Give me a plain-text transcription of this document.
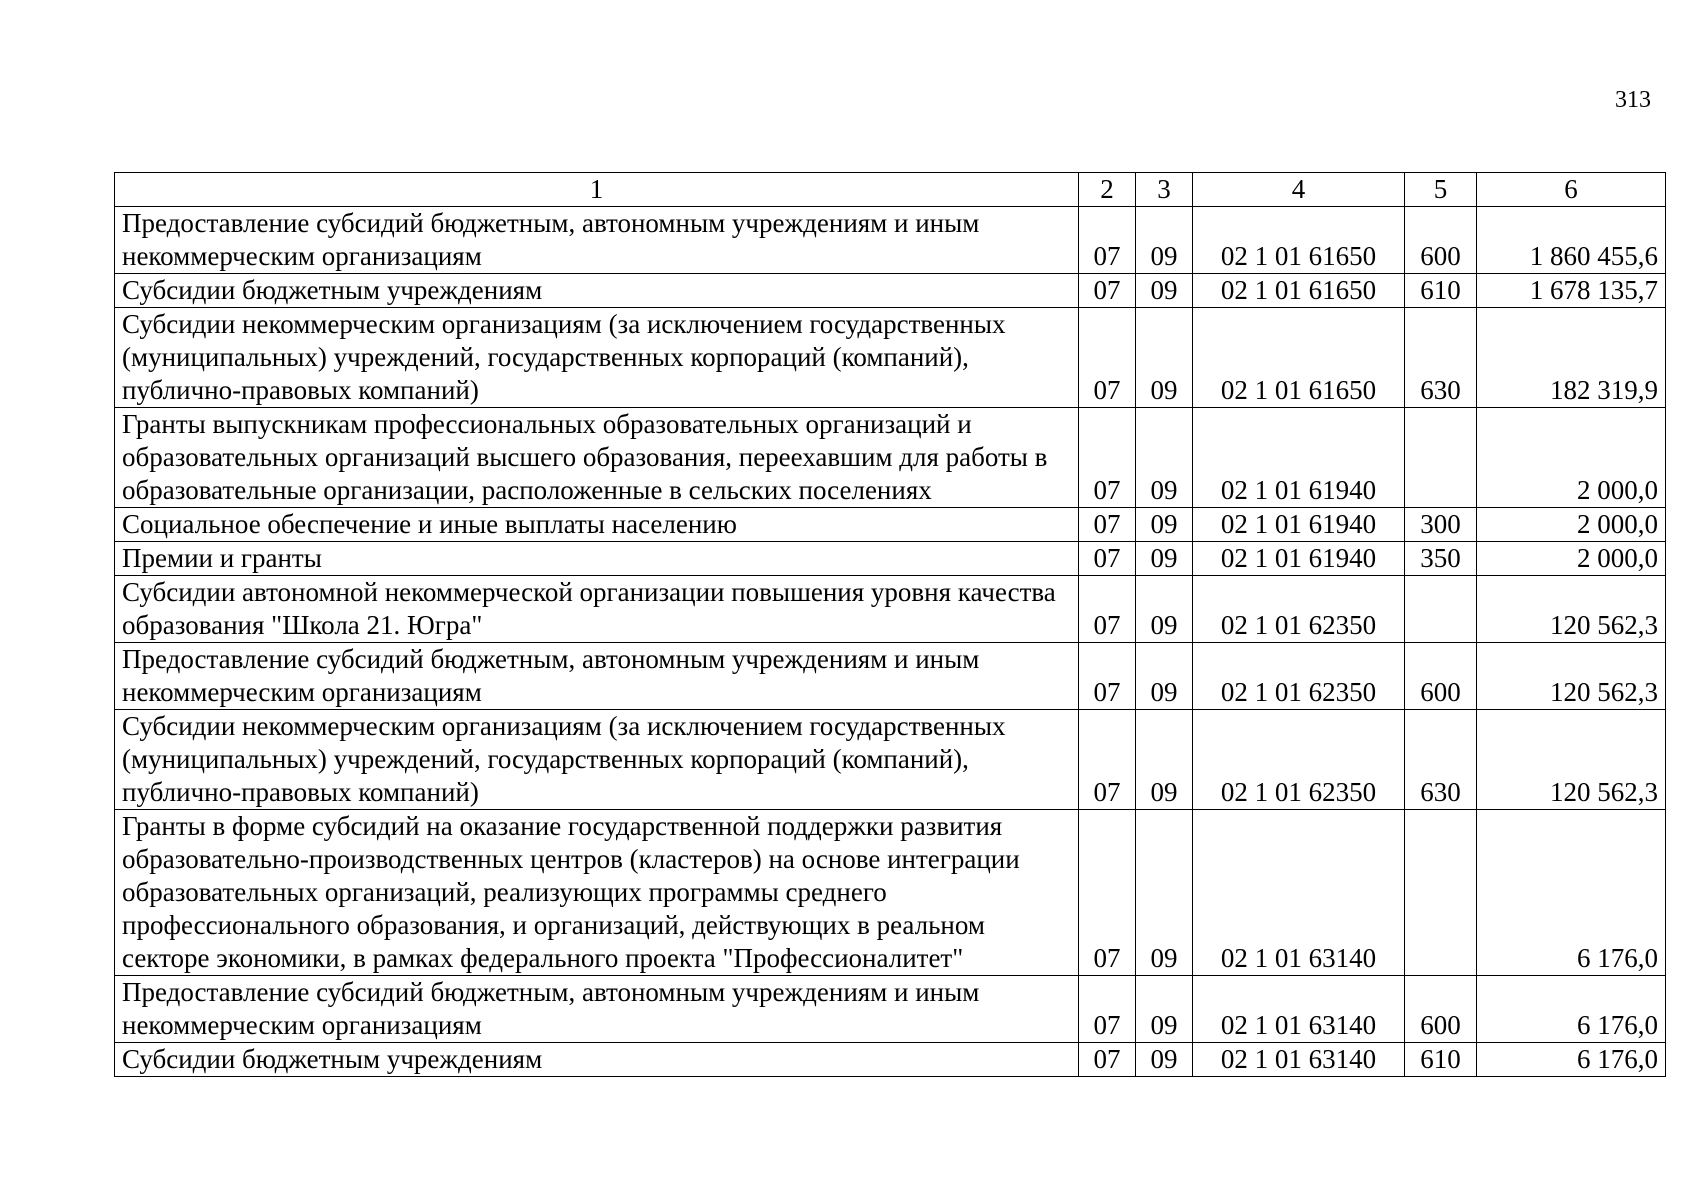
313
1	2	3	4	5	6
Предоставление субсидий бюджетным, автономным учреждениям и иным некоммерческим организациям	07	09	02 1 01 61650	600	1 860 455,6
Субсидии бюджетным учреждениям	07	09	02 1 01 61650	610	1 678 135,7
Субсидии некоммерческим организациям (за исключением государственных (муниципальных) учреждений, государственных корпораций (компаний), публично-правовых компаний)	07	09	02 1 01 61650	630	182 319,9
Гранты выпускникам профессиональных образовательных организаций и образовательных организаций высшего образования, переехавшим для работы в образовательные организации, расположенные в сельских поселениях	07	09	02 1 01 61940		2 000,0
Социальное обеспечение и иные выплаты населению	07	09	02 1 01 61940	300	2 000,0
Премии и гранты	07	09	02 1 01 61940	350	2 000,0
Субсидии автономной некоммерческой организации повышения уровня качества образования "Школа 21. Югра"	07	09	02 1 01 62350		120 562,3
Предоставление субсидий бюджетным, автономным учреждениям и иным некоммерческим организациям	07	09	02 1 01 62350	600	120 562,3
Субсидии некоммерческим организациям (за исключением государственных (муниципальных) учреждений, государственных корпораций (компаний), публично-правовых компаний)	07	09	02 1 01 62350	630	120 562,3
Гранты в форме субсидий на оказание государственной поддержки развития образовательно-производственных центров (кластеров) на основе интеграции образовательных организаций, реализующих программы среднего профессионального образования, и организаций, действующих в реальном секторе экономики, в рамках федерального проекта "Профессионалитет"	07	09	02 1 01 63140		6 176,0
Предоставление субсидий бюджетным, автономным учреждениям и иным некоммерческим организациям	07	09	02 1 01 63140	600	6 176,0
Субсидии бюджетным учреждениям	07	09	02 1 01 63140	610	6 176,0
